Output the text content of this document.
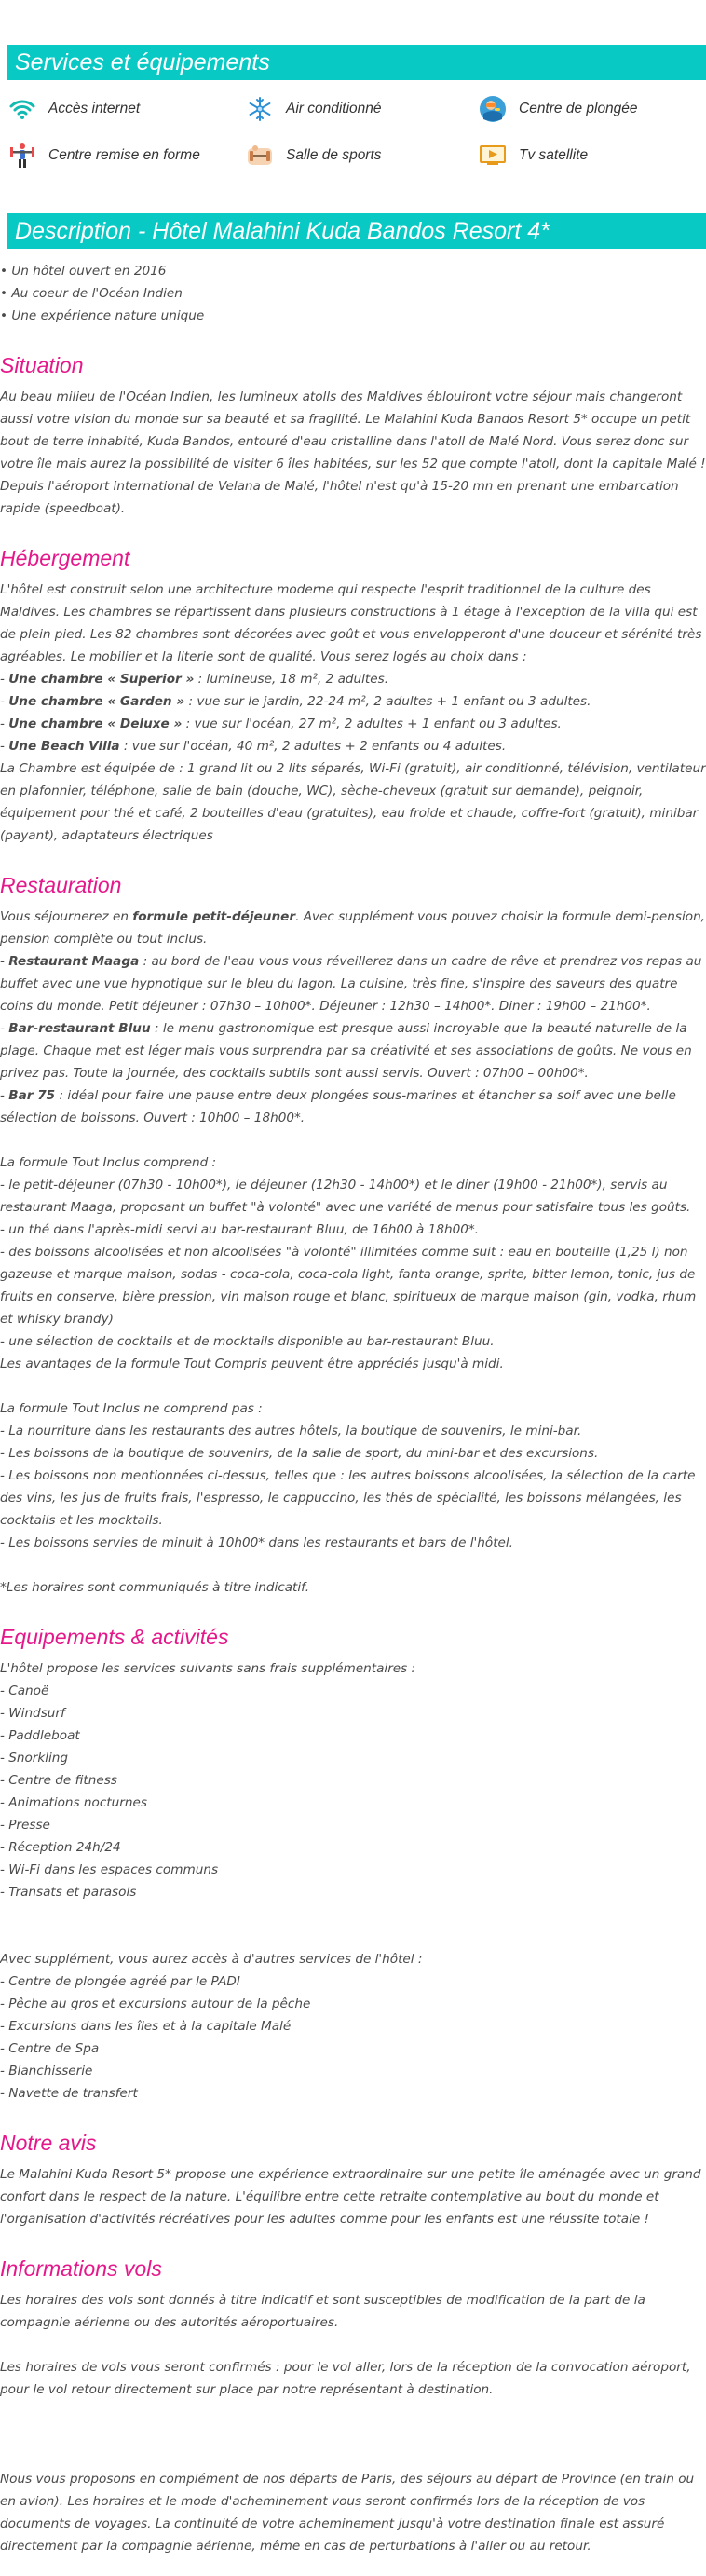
Services et équipements
Accès internet	Air conditionné	Centre de plongée
Centre remise en forme	Salle de sports	Tv satellite
Description - Hôtel Malahini Kuda Bandos Resort 4*

• Un hôtel ouvert en 2016

• Au coeur de l'Océan Indien

• Une expérience nature unique

Situation

Au beau milieu de l'Océan Indien, les lumineux atolls des Maldives éblouiront votre séjour mais changeront aussi votre vision du monde sur sa beauté et sa fragilité. Le Malahini Kuda Bandos Resort 5* occupe un petit bout de terre inhabité, Kuda Bandos, entouré d'eau cristalline dans l'atoll de Malé Nord. Vous serez donc sur votre île mais aurez la possibilité de visiter 6 îles habitées, sur les 52 que compte l'atoll, dont la capitale Malé ! Depuis l'aéroport international de Velana de Malé, l'hôtel n'est qu'à 15-20 mn en prenant une embarcation rapide (speedboat).

Hébergement

L'hôtel est construit selon une architecture moderne qui respecte l'esprit traditionnel de la culture des Maldives. Les chambres se répartissent dans plusieurs constructions à 1 étage à l'exception de la villa qui est de plein pied. Les 82 chambres sont décorées avec goût et vous envelopperont d'une douceur et sérénité très agréables. Le mobilier et la literie sont de qualité. Vous serez logés au choix dans :

- Une chambre « Superior » : lumineuse, 18 m², 2 adultes.

- Une chambre « Garden » : vue sur le jardin, 22-24 m², 2 adultes + 1 enfant ou 3 adultes.

- Une chambre « Deluxe » : vue sur l'océan, 27 m², 2 adultes + 1 enfant ou 3 adultes.

- Une Beach Villa : vue sur l'océan, 40 m², 2 adultes + 2 enfants ou 4 adultes.

La Chambre est équipée de : 1 grand lit ou 2 lits séparés, Wi-Fi (gratuit), air conditionné, télévision, ventilateur en plafonnier, téléphone, salle de bain (douche, WC), sèche-cheveux (gratuit sur demande), peignoir, équipement pour thé et café, 2 bouteilles d'eau (gratuites), eau froide et chaude, coffre-fort (gratuit), minibar (payant), adaptateurs électriques

Restauration

Vous séjournerez en formule petit-déjeuner. Avec supplément vous pouvez choisir la formule demi-pension, pension complète ou tout inclus.

- Restaurant Maaga : au bord de l'eau vous vous réveillerez dans un cadre de rêve et prendrez vos repas au buffet avec une vue hypnotique sur le bleu du lagon. La cuisine, très fine, s'inspire des saveurs des quatre coins du monde. Petit déjeuner : 07h30 – 10h00*. Déjeuner : 12h30 – 14h00*. Diner : 19h00 – 21h00*.

- Bar-restaurant Bluu : le menu gastronomique est presque aussi incroyable que la beauté naturelle de la plage. Chaque met est léger mais vous surprendra par sa créativité et ses associations de goûts. Ne vous en privez pas. Toute la journée, des cocktails subtils sont aussi servis. Ouvert : 07h00 – 00h00*.

- Bar 75 : idéal pour faire une pause entre deux plongées sous-marines et étancher sa soif avec une belle sélection de boissons. Ouvert : 10h00 – 18h00*.

La formule Tout Inclus comprend :

- le petit-déjeuner (07h30 - 10h00*), le déjeuner (12h30 - 14h00*) et le diner (19h00 - 21h00*), servis au restaurant Maaga, proposant un buffet "à volonté" avec une variété de menus pour satisfaire tous les goûts.

- un thé dans l'après-midi servi au bar-restaurant Bluu, de 16h00 à 18h00*.

- des boissons alcoolisées et non alcoolisées "à volonté" illimitées comme suit : eau en bouteille (1,25 l) non gazeuse et marque maison, sodas - coca-cola, coca-cola light, fanta orange, sprite, bitter lemon, tonic, jus de fruits en conserve, bière pression, vin maison rouge et blanc, spiritueux de marque maison (gin, vodka, rhum et whisky brandy)

- une sélection de cocktails et de mocktails disponible au bar-restaurant Bluu.

Les avantages de la formule Tout Compris peuvent être appréciés jusqu'à midi.

La formule Tout Inclus ne comprend pas :

- La nourriture dans les restaurants des autres hôtels, la boutique de souvenirs, le mini-bar.

- Les boissons de la boutique de souvenirs, de la salle de sport, du mini-bar et des excursions.

- Les boissons non mentionnées ci-dessus, telles que : les autres boissons alcoolisées, la sélection de la carte des vins, les jus de fruits frais, l'espresso, le cappuccino, les thés de spécialité, les boissons mélangées, les cocktails et les mocktails.

- Les boissons servies de minuit à 10h00* dans les restaurants et bars de l'hôtel.

*Les horaires sont communiqués à titre indicatif.

Equipements & activités

L'hôtel propose les services suivants sans frais supplémentaires :

- Canoë

- Windsurf

- Paddleboat

- Snorkling

- Centre de fitness

- Animations nocturnes

- Presse

- Réception 24h/24

- Wi-Fi dans les espaces communs

- Transats et parasols

Avec supplément, vous aurez accès à d'autres services de l'hôtel :

- Centre de plongée agréé par le PADI

- Pêche au gros et excursions autour de la pêche

- Excursions dans les îles et à la capitale Malé

- Centre de Spa

- Blanchisserie

- Navette de transfert

Notre avis

Le Malahini Kuda Resort 5* propose une expérience extraordinaire sur une petite île aménagée avec un grand confort dans le respect de la nature. L'équilibre entre cette retraite contemplative au bout du monde et l'organisation d'activités récréatives pour les adultes comme pour les enfants est une réussite totale !

Informations vols

Les horaires des vols sont donnés à titre indicatif et sont susceptibles de modification de la part de la compagnie aérienne ou des autorités aéroportuaires.

Les horaires de vols vous seront confirmés : pour le vol aller, lors de la réception de la convocation aéroport, pour le vol retour directement sur place par notre représentant à destination.

Nous vous proposons en complément de nos départs de Paris, des séjours au départ de Province (en train ou en avion). Les horaires et le mode d'acheminement vous seront confirmés lors de la réception de vos documents de voyages. La continuité de votre acheminement jusqu'à votre destination finale est assuré directement par la compagnie aérienne, même en cas de perturbations à l'aller ou au retour.
